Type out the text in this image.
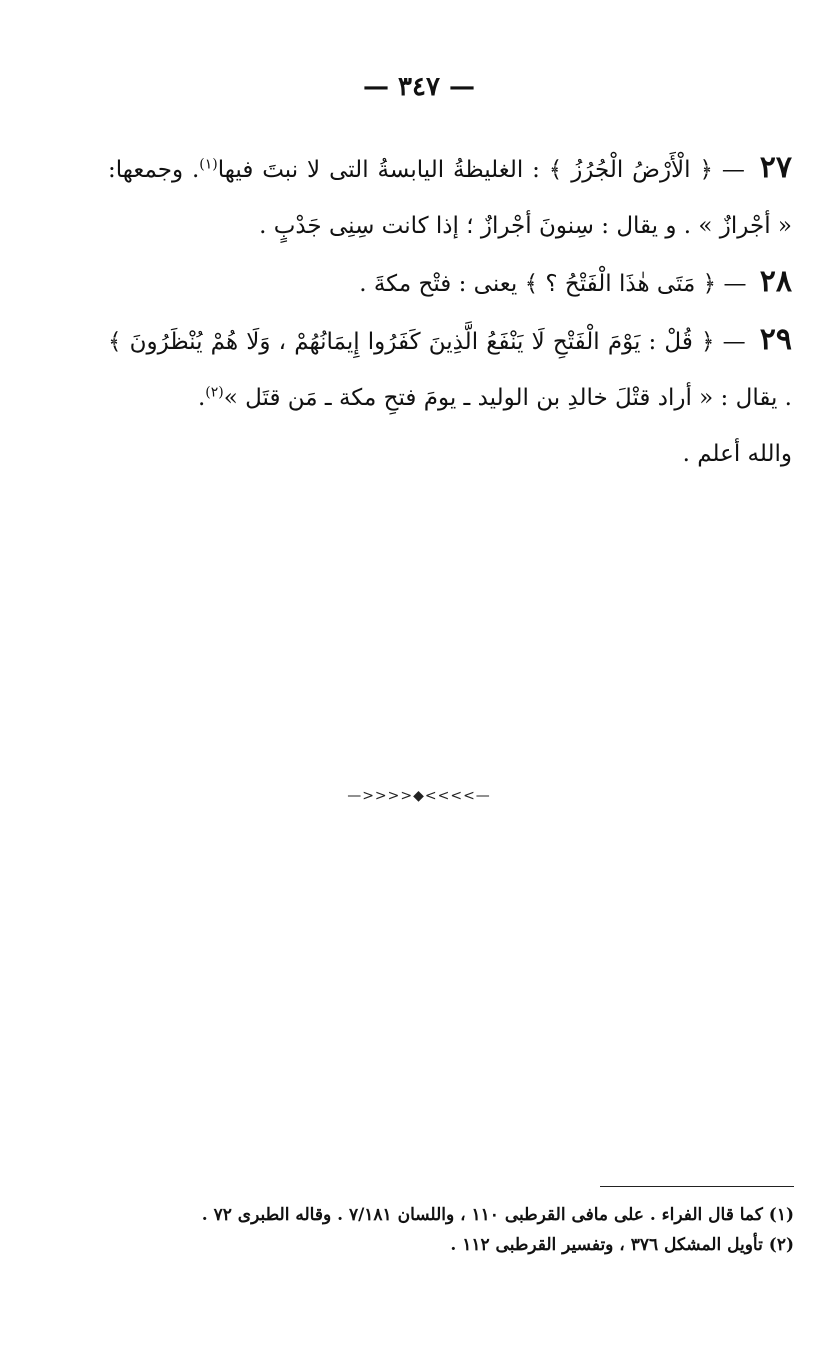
— ٣٤٧ —

٢٧ — ﴿ الْأَرْضُ الْجُرُزُ ﴾ : الغليظةُ اليابسةُ التى لا نبتَ فيها$^{(١)}$. وجمعها: « أجْرازٌ » . و يقال : سِنونَ أجْرازٌ ؛ إذا كانت سِنِى جَدْبٍ .

٢٨ — ﴿ مَتَى هٰذَا الْفَتْحُ ؟ ﴾ يعنى : فتْح مكةَ .

٢٩ — ﴿ قُلْ : يَوْمَ الْفَتْحِ لَا يَنْفَعُ الَّذِينَ كَفَرُوا إِيمَانُهُمْ ، وَلَا هُمْ يُنْظَرُونَ ﴾ . يقال : « أراد قتْلَ خالدِ بن الوليد ـ يومَ فتحِ مكة ـ مَن قتَل »$^{(٢)}$.

والله أعلم .

—>>>>◆<<<<—

(١) كما قال الفراء . على مافى القرطبى ١١٠ ، واللسان ٧/١٨١ . وقاله الطبرى ٧٢ .

(٢) تأويل المشكل ٣٧٦ ، وتفسير القرطبى ١١٢ .
